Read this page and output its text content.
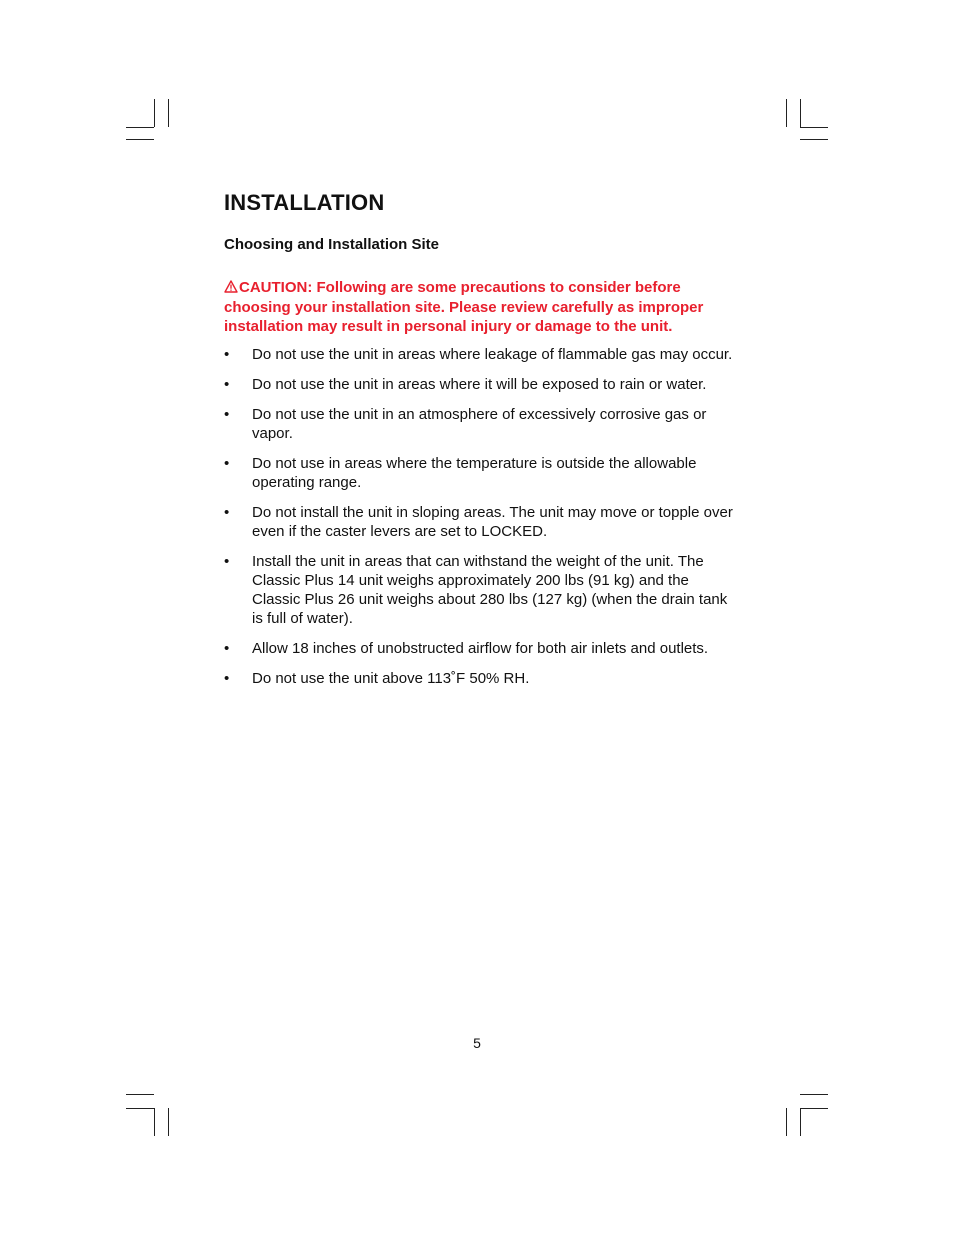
INSTALLATION
Choosing and Installation Site

CAUTION: Following are some precautions to consider before choosing your installation site. Please review carefully as improper installation may result in personal injury or damage to the unit.

• Do not use the unit in areas where leakage of flammable gas may occur.
• Do not use the unit in areas where it will be exposed to rain or water.
• Do not use the unit in an atmosphere of excessively corrosive gas or vapor.
• Do not use in areas where the temperature is outside the allowable operating range.
• Do not install the unit in sloping areas. The unit may move or topple over even if the caster levers are set to LOCKED.
• Install the unit in areas that can withstand the weight of the unit. The Classic Plus 14 unit weighs approximately 200 lbs (91 kg) and the Classic Plus 26 unit weighs about 280 lbs (127 kg) (when the drain tank is full of water).
• Allow 18 inches of unobstructed airflow for both air inlets and outlets.
• Do not use the unit above 113˚F 50% RH.
5
